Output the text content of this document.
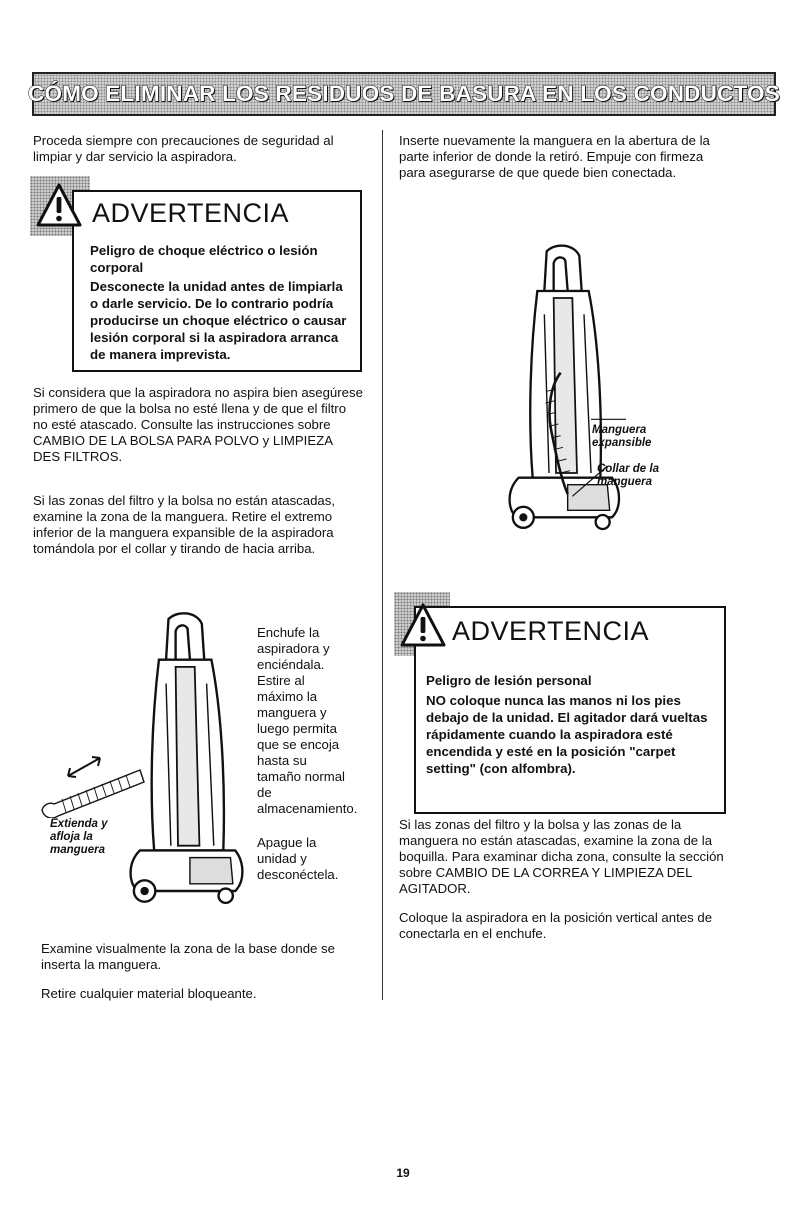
CÓMO ELIMINAR LOS RESIDUOS DE BASURA EN LOS CONDUCTOS

Proceda siempre con precauciones de seguridad al limpiar y dar servicio la aspiradora.

ADVERTENCIA

Peligro de choque eléctrico o lesión corporal

Desconecte la unidad antes de limpiarla o darle servicio. De lo contrario podría producirse un choque eléctrico o causar lesión corporal si la aspiradora arranca de manera imprevista.

Si considera que la aspiradora no aspira bien asegúrese primero de que la bolsa no esté llena y de que el filtro no esté atascado. Consulte las instrucciones sobre CAMBIO DE LA BOLSA PARA POLVO y LIMPIEZA DES FILTROS.

Si las zonas del filtro y la bolsa no están atascadas, examine la zona de la manguera. Retire el extremo inferior de la manguera expansible de la aspiradora tomándola por el collar y tirando de hacia arriba.

Extienda y afloja la manguera

Enchufe la aspiradora y enciéndala. Estire al máximo la manguera y luego permita que se encoja hasta su tamaño normal de almacenamiento.

Apague la unidad y desconéctela.

Examine visualmente la zona de la base donde se inserta la manguera.

Retire cualquier material bloqueante.

Inserte nuevamente la manguera en la abertura de la parte inferior de donde la retiró. Empuje con firmeza para asegurarse de que quede bien conectada.

Manguera expansible
Collar de la manguera
ADVERTENCIA

Peligro de lesión personal

NO coloque nunca las manos ni los pies debajo de la unidad. El agitador dará vueltas rápidamente cuando la aspiradora esté encendida y esté en la posición "carpet setting" (con alfombra).

Si las zonas del filtro y la bolsa y las zonas de la manguera no están atascadas, examine la zona de la boquilla. Para examinar dicha zona, consulte la sección sobre CAMBIO DE LA CORREA Y LIMPIEZA DEL AGITADOR.

Coloque la aspiradora en la posición vertical antes de conectarla en el enchufe.

19
